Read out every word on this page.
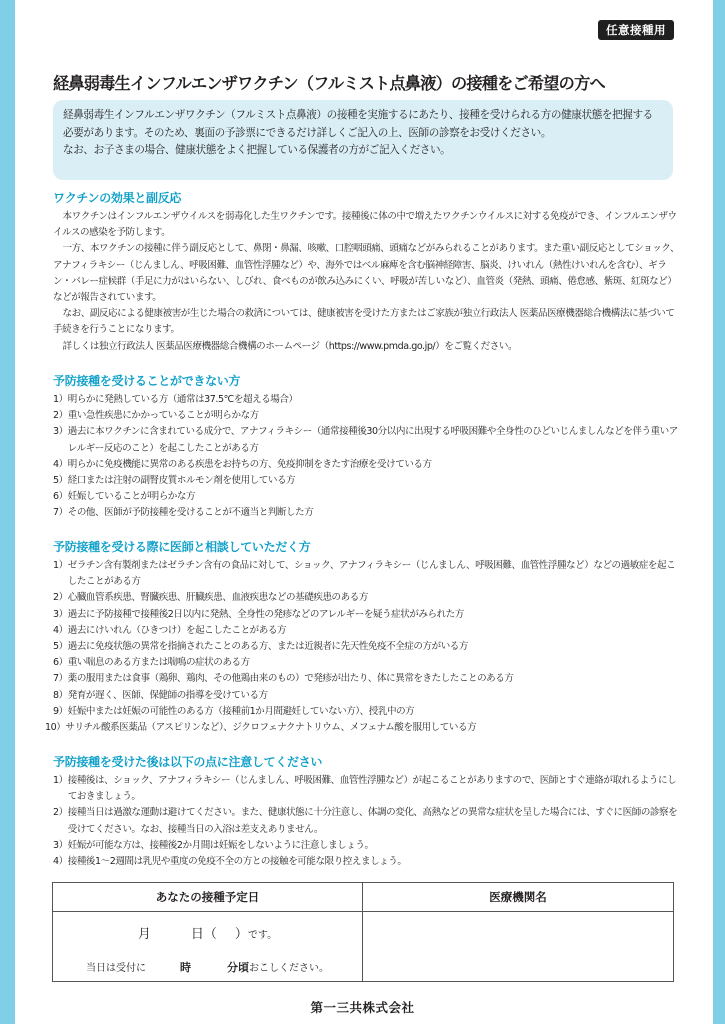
任意接種用
経鼻弱毒生インフルエンザワクチン（フルミスト点鼻液）の接種をご希望の方へ

経鼻弱毒生インフルエンザワクチン（フルミスト点鼻液）の接種を実施するにあたり、接種を受けられる方の健康状態を把握する必要があります。そのため、裏面の予診票にできるだけ詳しくご記入の上、医師の診察をお受けください。

なお、お子さまの場合、健康状態をよく把握している保護者の方がご記入ください。

ワクチンの効果と副反応

本ワクチンはインフルエンザウイルスを弱毒化した生ワクチンです。接種後に体の中で増えたワクチンウイルスに対する免疫ができ、インフルエンザウイルスの感染を予防します。

一方、本ワクチンの接種に伴う副反応として、鼻閉・鼻漏、咳嗽、口腔咽頭痛、頭痛などがみられることがあります。また重い副反応としてショック、アナフィラキシー（じんましん、呼吸困難、血管性浮腫など）や、海外ではベル麻痺を含む脳神経障害、脳炎、けいれん（熱性けいれんを含む）、ギラン・バレー症候群（手足に力がはいらない、しびれ、食べものが飲み込みにくい、呼吸が苦しいなど）、血管炎（発熱、頭痛、倦怠感、紫斑、紅斑など）などが報告されています。

なお、副反応による健康被害が生じた場合の救済については、健康被害を受けた方またはご家族が独立行政法人 医薬品医療機器総合機構法に基づいて手続きを行うことになります。

詳しくは独立行政法人 医薬品医療機器総合機構のホームページ（https://www.pmda.go.jp/）をご覧ください。

予防接種を受けることができない方
1） 明らかに発熱している方（通常は37.5℃を超える場合）
2） 重い急性疾患にかかっていることが明らかな方
3） 過去に本ワクチンに含まれている成分で、アナフィラキシー（通常接種後30分以内に出現する呼吸困難や全身性のひどいじんましんなどを伴う重いアレルギー反応のこと）を起こしたことがある方
4） 明らかに免疫機能に異常のある疾患をお持ちの方、免疫抑制をきたす治療を受けている方
5） 経口または注射の副腎皮質ホルモン剤を使用している方
6） 妊娠していることが明らかな方
7） その他、医師が予防接種を受けることが不適当と判断した方
予防接種を受ける際に医師と相談していただく方
1） ゼラチン含有製剤またはゼラチン含有の食品に対して、ショック、アナフィラキシー（じんましん、呼吸困難、血管性浮腫など）などの過敏症を起こしたことがある方
2） 心臓血管系疾患、腎臓疾患、肝臓疾患、血液疾患などの基礎疾患のある方
3） 過去に予防接種で接種後2日以内に発熱、全身性の発疹などのアレルギーを疑う症状がみられた方
4） 過去にけいれん（ひきつけ）を起こしたことがある方
5） 過去に免疫状態の異常を指摘されたことのある方、または近親者に先天性免疫不全症の方がいる方
6） 重い喘息のある方または喘鳴の症状のある方
7） 薬の服用または食事（鶏卵、鶏肉、その他鶏由来のもの）で発疹が出たり、体に異常をきたしたことのある方
8） 発育が遅く、医師、保健師の指導を受けている方
9） 妊娠中または妊娠の可能性のある方（接種前1か月間避妊していない方）、授乳中の方
10） サリチル酸系医薬品（アスピリンなど）、ジクロフェナクナトリウム、メフェナム酸を服用している方
予防接種を受けた後は以下の点に注意してください
1） 接種後は、ショック、アナフィラキシー（じんましん、呼吸困難、血管性浮腫など）が起こることがありますので、医師とすぐ連絡が取れるようにしておきましょう。
2） 接種当日は過激な運動は避けてください。また、健康状態に十分注意し、体調の変化、高熱などの異常な症状を呈した場合には、すぐに医師の診察を受けてください。なお、接種当日の入浴は差支えありません。
3） 妊娠が可能な方は、接種後2か月間は妊娠をしないように注意しましょう。
4） 接種後1～2週間は乳児や重度の免疫不全の方との接触を可能な限り控えましょう。
あなたの接種予定日	医療機関名
月	日（ ）です。
当日は受付に	時	分頃おこしください。
第一三共株式会社
